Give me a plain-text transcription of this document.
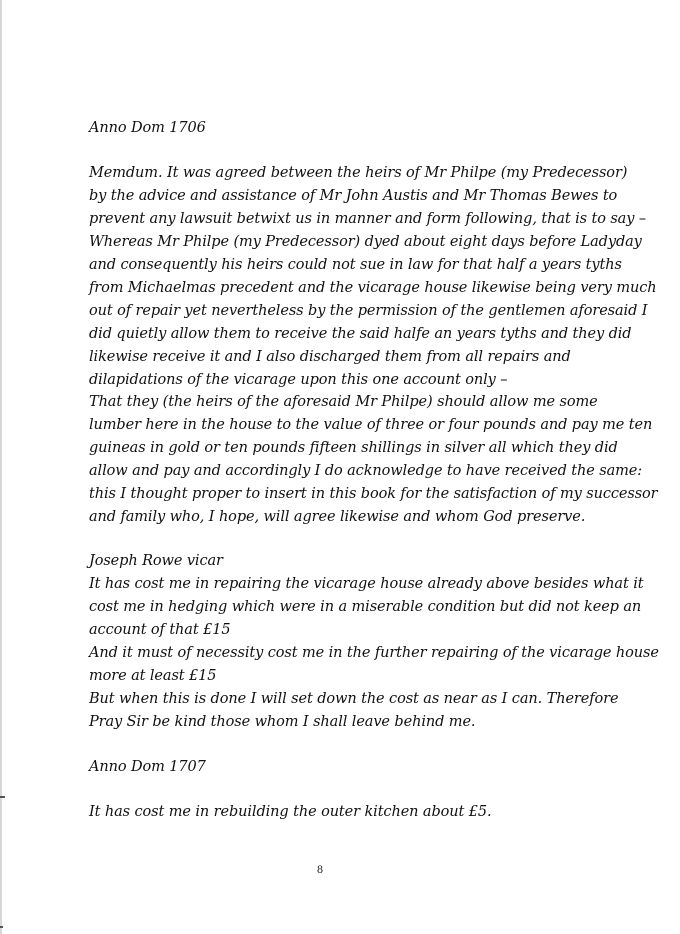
Anno Dom 1706

Memdum. It was agreed between the heirs of Mr Philpe (my Predecessor)

by the advice and assistance of Mr John Austis and Mr Thomas Bewes to

prevent any lawsuit betwixt us in manner and form following, that is to say –

Whereas Mr Philpe (my Predecessor) dyed about eight days before Ladyday

and consequently his heirs could not sue in law for that half a years tyths

from Michaelmas precedent and the vicarage house likewise being very much

out of repair yet nevertheless by the permission of the gentlemen aforesaid I

did quietly allow them to receive the said halfe an years tyths and they did

likewise receive it and I also discharged them from all repairs and

dilapidations of the vicarage upon this one account only –

That they (the heirs of the aforesaid Mr Philpe) should allow me some

lumber here in the house to the value of three or four pounds and pay me ten

guineas in gold or ten pounds fifteen shillings in silver all which they did

allow and pay and accordingly I do acknowledge to have received the same:

this I thought proper to insert in this book for the satisfaction of my successor

and family who, I hope, will agree likewise and whom God preserve.

Joseph Rowe vicar

It has cost me in repairing the vicarage house already above besides what it

cost me in hedging which were in a miserable condition but did not keep an

account of that £15

And it must of necessity cost me in the further repairing of the vicarage house

more at least £15

But when this is done I will set down the cost as near as I can. Therefore

Pray Sir be kind those whom I shall leave behind me.

Anno Dom 1707

It has cost me in rebuilding the outer kitchen about £5.

8
